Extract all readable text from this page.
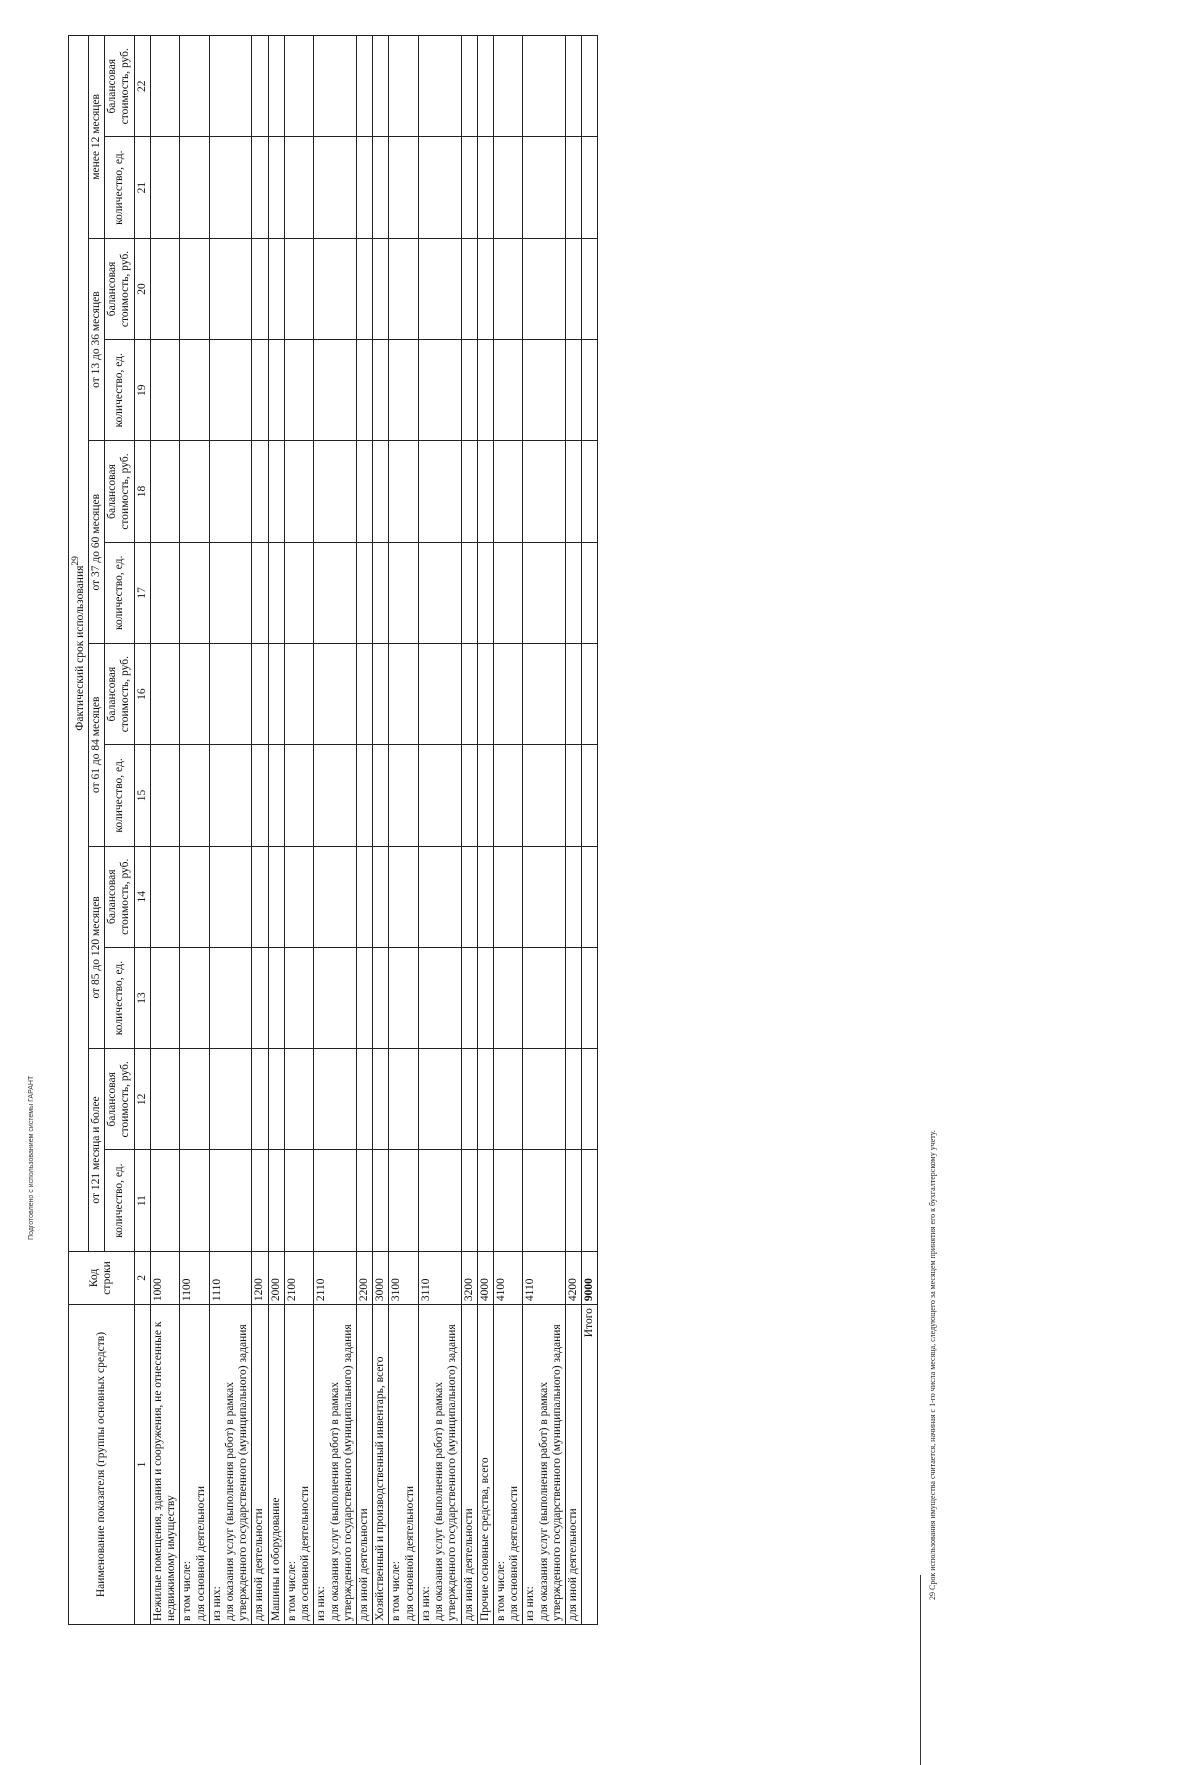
Подготовлено с использованием системы ГАРАНТ
Наименование показателя (группы основных средств)	Код строки	Фактический срок использования$^{29}$
		от 121 месяца и более		от 85 до 120 месяцев		от 61 до 84 месяцев		от 37 до 60 месяцев		от 13 до 36 месяцев		менее 12 месяцев	
		количество, ед.	балансовая стоимость, руб.	количество, ед.	балансовая стоимость, руб.	количество, ед.	балансовая стоимость, руб.	количество, ед.	балансовая стоимость, руб.	количество, ед.	балансовая стоимость, руб.	количество, ед.	балансовая стоимость, руб.
1	2	11	12	13	14	15	16	17	18	19	20	21	22
Нежилые помещения, здания и сооружения, не отнесенные к недвижимому имуществу	1000												
в том числе:
для основной деятельности	1100												
из них:
для оказания услуг (выполнения работ) в рамках утвержденного государственного (муниципального) задания	1110												
для иной деятельности	1200												
Машины и оборудование	2000												
в том числе:
для основной деятельности	2100												
из них:
для оказания услуг (выполнения работ) в рамках утвержденного государственного (муниципального) задания	2110												
для иной деятельности	2200												
Хозяйственный и производственный инвентарь, всего	3000												
в том числе:
для основной деятельности	3100												
из них:
для оказания услуг (выполнения работ) в рамках утвержденного государственного (муниципального) задания	3110												
для иной деятельности	3200												
Прочие основные средства, всего	4000												
в том числе:
для основной деятельности	4100												
из них:
для оказания услуг (выполнения работ) в рамках утвержденного государственного (муниципального) задания	4110												
для иной деятельности	4200												
Итого	9000													29 Срок использования имущества считается, начиная с 1-го числа месяца, следующего за месяцем принятия его к бухгалтерскому учету.
